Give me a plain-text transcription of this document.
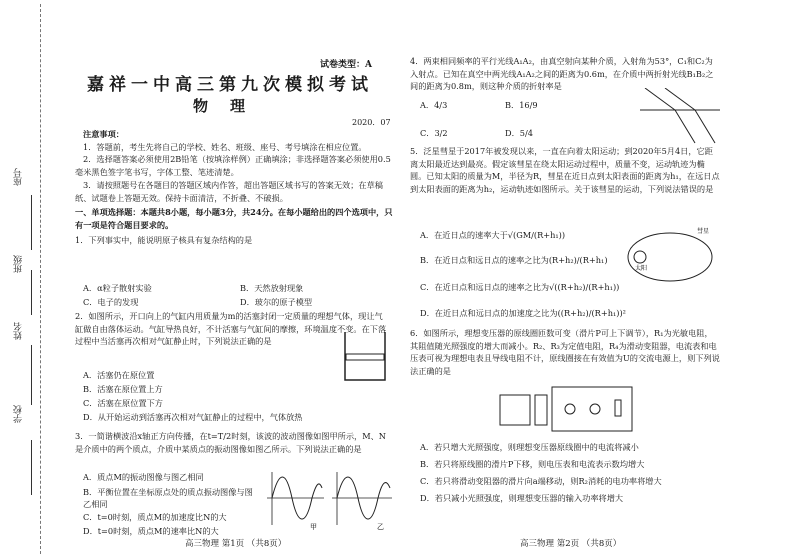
学校
姓名
班级
座号
试卷类型：A
嘉祥一中高三第九次模拟考试
物理
2020．07

注意事项：

1．答题前，考生先将自己的学校、姓名、班级、座号、考号填涂在相应位置。

2．选择题答案必须使用2B铅笔（按填涂样例）正确填涂；非选择题答案必须使用0.5毫米黑色签字笔书写，字体工整、笔迹清楚。

3．请按照题号在各题目的答题区域内作答，超出答题区域书写的答案无效；在草稿纸、试题卷上答题无效。保持卡面清洁，不折叠、不破损。

一、单项选择题：本题共8小题，每小题3分，共24分。在每小题给出的四个选项中，只有一项是符合题目要求的。

1．下列事实中，能说明原子核具有复杂结构的是

A．α粒子散射实验	B．天然放射现象
C．电子的发现	D．玻尔的原子模型

2．如图所示，开口向上的气缸内用质量为m的活塞封闭一定质量的理想气体，现让气缸做自由落体运动。气缸导热良好，不计活塞与气缸间的摩擦，环境温度不变。在下落过程中当活塞再次相对气缸静止时，下列说法正确的是

A．活塞仍在原位置
B．活塞在原位置上方
C．活塞在原位置下方
D．从开始运动到活塞再次相对气缸静止的过程中，气体放热

3．一简谐横波沿x轴正方向传播，在t=T/2时刻，该波的波动图像如图甲所示，M、N是介质中的两个质点，介质中某质点的振动图像如图乙所示。下列说法正确的是

A．质点M的振动图像与图乙相同
B．平衡位置在坐标原点处的质点振动图像与图乙相同
C．t=0时刻，质点M的加速度比N的大
D．t=0时刻，质点M的速率比N的大	甲	乙
高三物理 第1页 （共8页）

4．两束相同频率的平行光线A₁A₂，由真空射向某种介质，入射角为53°，C₁和C₂为入射点。已知在真空中两光线A₁A₂之间的距离为0.6m，在介质中两折射光线B₁B₂之间的距离为0.8m，则这种介质的折射率是

A．4/3	B．16/9
C．3/2	D．5/4

5．泛星彗星于2017年被发现以来，一直在向着太阳运动；到2020年5月4日，它距离太阳最近达到最亮。假定该彗星在绕太阳运动过程中，质量不变，运动轨迹为椭圆。已知太阳的质量为M，半径为R，彗星在近日点到太阳表面的距离为h₁，在远日点到太阳表面的距离为h₂，运动轨迹如图所示。关于该彗星的运动，下列说法错误的是

A．在近日点的速率大于√(GM/(R+h₁))
B．在近日点和远日点的速率之比为(R+h₂)/(R+h₁)
C．在近日点和远日点的速率之比为√((R+h₂)/(R+h₁))
D．在近日点和远日点的加速度之比为((R+h₂)/(R+h₁))²
太阳
彗星

6．如图所示，理想变压器的原线圈匝数可变（滑片P可上下调节），R₁为光敏电阻，其阻值随光照强度的增大而减小。R₂、R₃为定值电阻，R₄为滑动变阻器，电流表和电压表可视为理想电表且导线电阻不计，原线圈接在有效值为U的交流电源上，则下列说法正确的是

A．若只增大光照强度，则理想变压器原线圈中的电流将减小
B．若只将原线圈的滑片P下移，则电压表和电流表示数均增大
C．若只将滑动变阻器的滑片向a端移动，则R₂消耗的电功率将增大
D．若只减小光照强度，则理想变压器的输入功率将增大
高三物理 第2页 （共8页）
